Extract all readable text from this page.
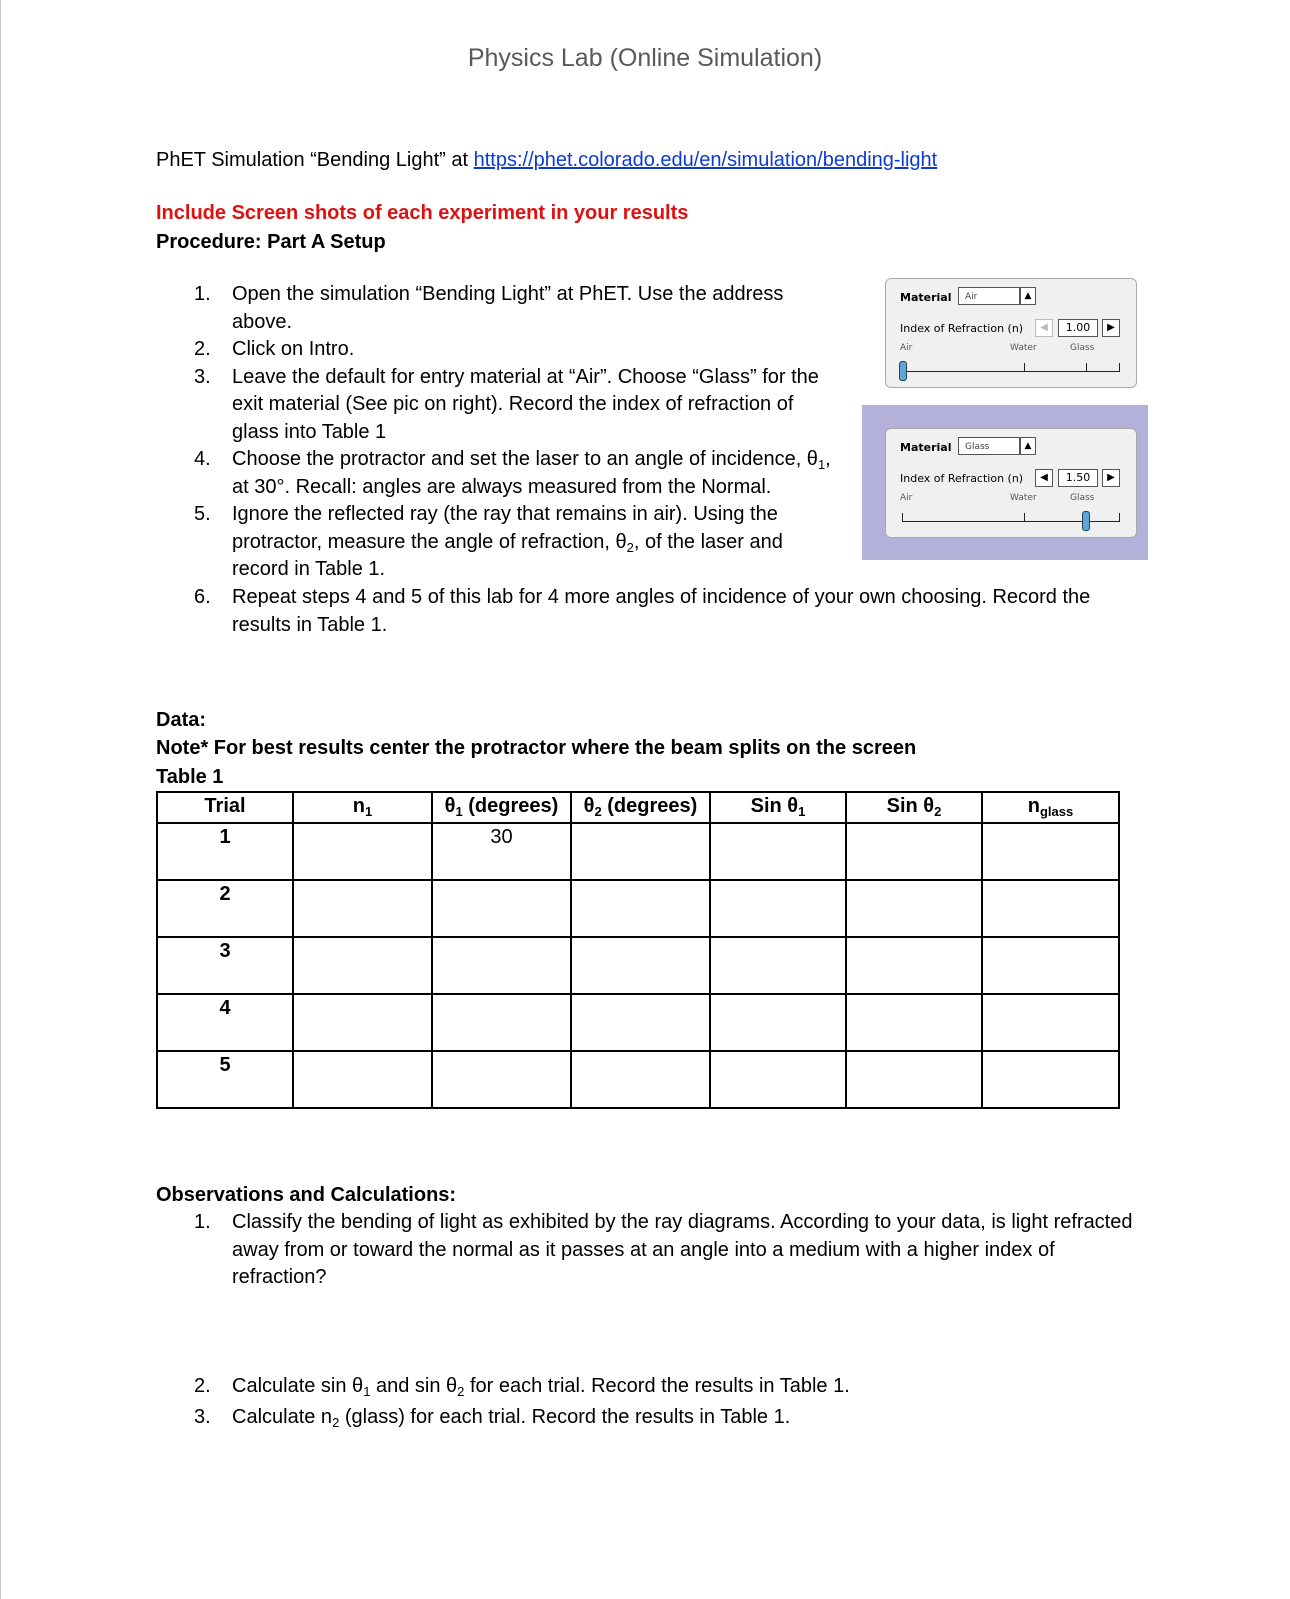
Physics Lab (Online Simulation)
PhET Simulation “Bending Light” at https://phet.colorado.edu/en/simulation/bending-light
Include Screen shots of each experiment in your results
Procedure: Part A Setup
1. Open the simulation “Bending Light” at PhET. Use the address above.
2. Click on Intro.
3. Leave the default for entry material at “Air”. Choose “Glass” for the exit material (See pic on right). Record the index of refraction of glass into Table 1
4. Choose the protractor and set the laser to an angle of incidence, $\theta_1$, at 30°. Recall: angles are always measured from the Normal.
5. Ignore the reflected ray (the ray that remains in air). Using the protractor, measure the angle of refraction, $\theta_2$, of the laser and record in Table 1.
6. Repeat steps 4 and 5 of this lab for 4 more angles of incidence of your own choosing. Record the results in Table 1.
Material	Air	▲
Index of Refraction (n)	◀	1.00	▶
Air	Water	Glass
Material	Glass	▲
Index of Refraction (n)	◀	1.50	▶
Air	Water	Glass
Data:
Note* For best results center the protractor where the beam splits on the screen
Table 1
Trial	$n_1$	$\theta_1$ (degrees)	$\theta_2$ (degrees)	Sin $\theta_1$	Sin $\theta_2$	$n_{glass}$
1		30				
2						
3						
4						
5						
Observations and Calculations:
1. Classify the bending of light as exhibited by the ray diagrams. According to your data, is light refracted away from or toward the normal as it passes at an angle into a medium with a higher index of refraction?
2. Calculate $\sin \theta_1$ and $\sin \theta_2$ for each trial. Record the results in Table 1.
3. Calculate $n_2$ (glass) for each trial. Record the results in Table 1.
